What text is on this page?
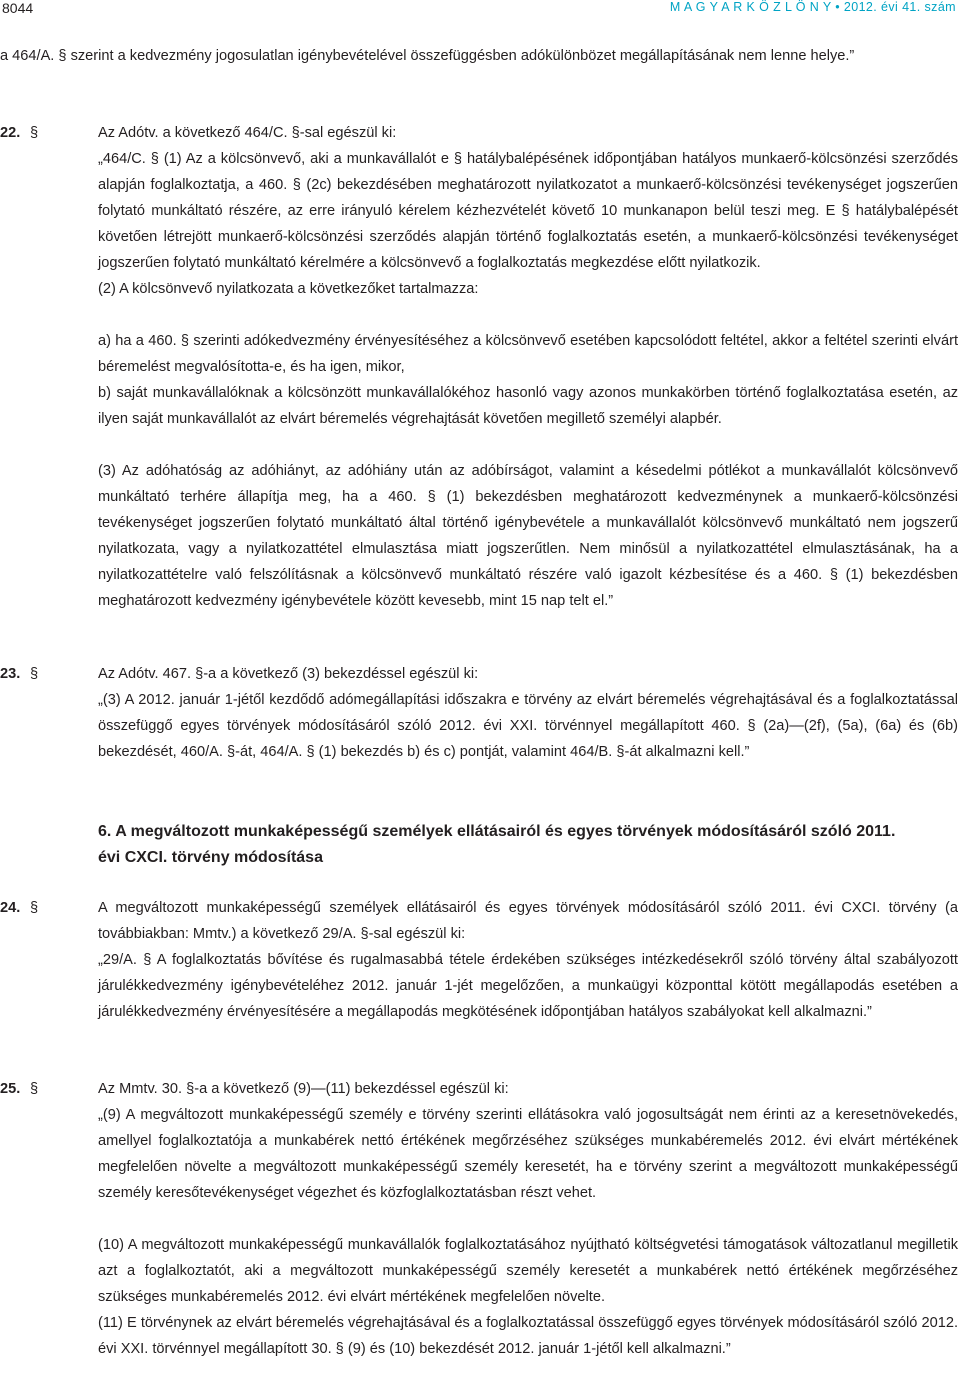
8044	M A G Y A R K Ö Z L Ö N Y • 2012. évi 41. szám
a 464/A. § szerint a kedvezmény jogosulatlan igénybevételével összefüggésben adókülönbözet megállapításának nem lenne helye.”
22. §	Az Adótv. a következő 464/C. §-sal egészül ki:
„464/C. § (1) Az a kölcsönvevő, aki a munkavállalót e § hatálybalépésének időpontjában hatályos munkaerő-kölcsönzési szerződés alapján foglalkoztatja, a 460. § (2c) bekezdésében meghatározott nyilatkozatot a munkaerő-kölcsönzési tevékenységet jogszerűen folytató munkáltató részére, az erre irányuló kérelem kézhezvételét követő 10 munkanapon belül teszi meg. E § hatálybalépését követően létrejött munkaerő-kölcsönzési szerződés alapján történő foglalkoztatás esetén, a munkaerő-kölcsönzési tevékenységet jogszerűen folytató munkáltató kérelmére a kölcsönvevő a foglalkoztatás megkezdése előtt nyilatkozik.
(2) A kölcsönvevő nyilatkozata a következőket tartalmazza:
a) ha a 460. § szerinti adókedvezmény érvényesítéséhez a kölcsönvevő esetében kapcsolódott feltétel, akkor a feltétel szerinti elvárt béremelést megvalósította-e, és ha igen, mikor,
b) saját munkavállalóknak a kölcsönzött munkavállalókéhoz hasonló vagy azonos munkakörben történő foglalkoztatása esetén, az ilyen saját munkavállalót az elvárt béremelés végrehajtását követően megillető személyi alapbér.
(3) Az adóhatóság az adóhiányt, az adóhiány után az adóbírságot, valamint a késedelmi pótlékot a munkavállalót kölcsönvevő munkáltató terhére állapítja meg, ha a 460. § (1) bekezdésben meghatározott kedvezménynek a munkaerő-kölcsönzési tevékenységet jogszerűen folytató munkáltató által történő igénybevétele a munkavállalót kölcsönvevő munkáltató nem jogszerű nyilatkozata, vagy a nyilatkozattétel elmulasztása miatt jogszerűtlen. Nem minősül a nyilatkozattétel elmulasztásának, ha a nyilatkozattételre való felszólításnak a kölcsönvevő munkáltató részére való igazolt kézbesítése és a 460. § (1) bekezdésben meghatározott kedvezmény igénybevétele között kevesebb, mint 15 nap telt el.”
23. §	Az Adótv. 467. §-a a következő (3) bekezdéssel egészül ki:
„(3) A 2012. január 1-jétől kezdődő adómegállapítási időszakra e törvény az elvárt béremelés végrehajtásával és a foglalkoztatással összefüggő egyes törvények módosításáról szóló 2012. évi XXI. törvénnyel megállapított 460. § (2a)—(2f), (5a), (6a) és (6b) bekezdését, 460/A. §-át, 464/A. § (1) bekezdés b) és c) pontját, valamint 464/B. §-át alkalmazni kell.”
6. A megváltozott munkaképességű személyek ellátásairól és egyes törvények módosításáról szóló 2011. évi CXCI. törvény módosítása
24. §	A megváltozott munkaképességű személyek ellátásairól és egyes törvények módosításáról szóló 2011. évi CXCI. törvény (a továbbiakban: Mmtv.) a következő 29/A. §-sal egészül ki:
„29/A. § A foglalkoztatás bővítése és rugalmasabbá tétele érdekében szükséges intézkedésekről szóló törvény által szabályozott járulékkedvezmény igénybevételéhez 2012. január 1-jét megelőzően, a munkaügyi központtal kötött megállapodás esetében a járulékkedvezmény érvényesítésére a megállapodás megkötésének időpontjában hatályos szabályokat kell alkalmazni.”
25. §	Az Mmtv. 30. §-a a következő (9)—(11) bekezdéssel egészül ki:
„(9) A megváltozott munkaképességű személy e törvény szerinti ellátásokra való jogosultságát nem érinti az a keresetnövekedés, amellyel foglalkoztatója a munkabérek nettó értékének megőrzéséhez szükséges munkabéremelés 2012. évi elvárt mértékének megfelelően növelte a megváltozott munkaképességű személy keresetét, ha e törvény szerint a megváltozott munkaképességű személy keresőtevékenységet végezhet és közfoglalkoztatásban részt vehet.
(10) A megváltozott munkaképességű munkavállalók foglalkoztatásához nyújtható költségvetési támogatások változatlanul megilletik azt a foglalkoztatót, aki a megváltozott munkaképességű személy keresetét a munkabérek nettó értékének megőrzéséhez szükséges munkabéremelés 2012. évi elvárt mértékének megfelelően növelte.
(11) E törvénynek az elvárt béremelés végrehajtásával és a foglalkoztatással összefüggő egyes törvények módosításáról szóló 2012. évi XXI. törvénnyel megállapított 30. § (9) és (10) bekezdését 2012. január 1-jétől kell alkalmazni.”
